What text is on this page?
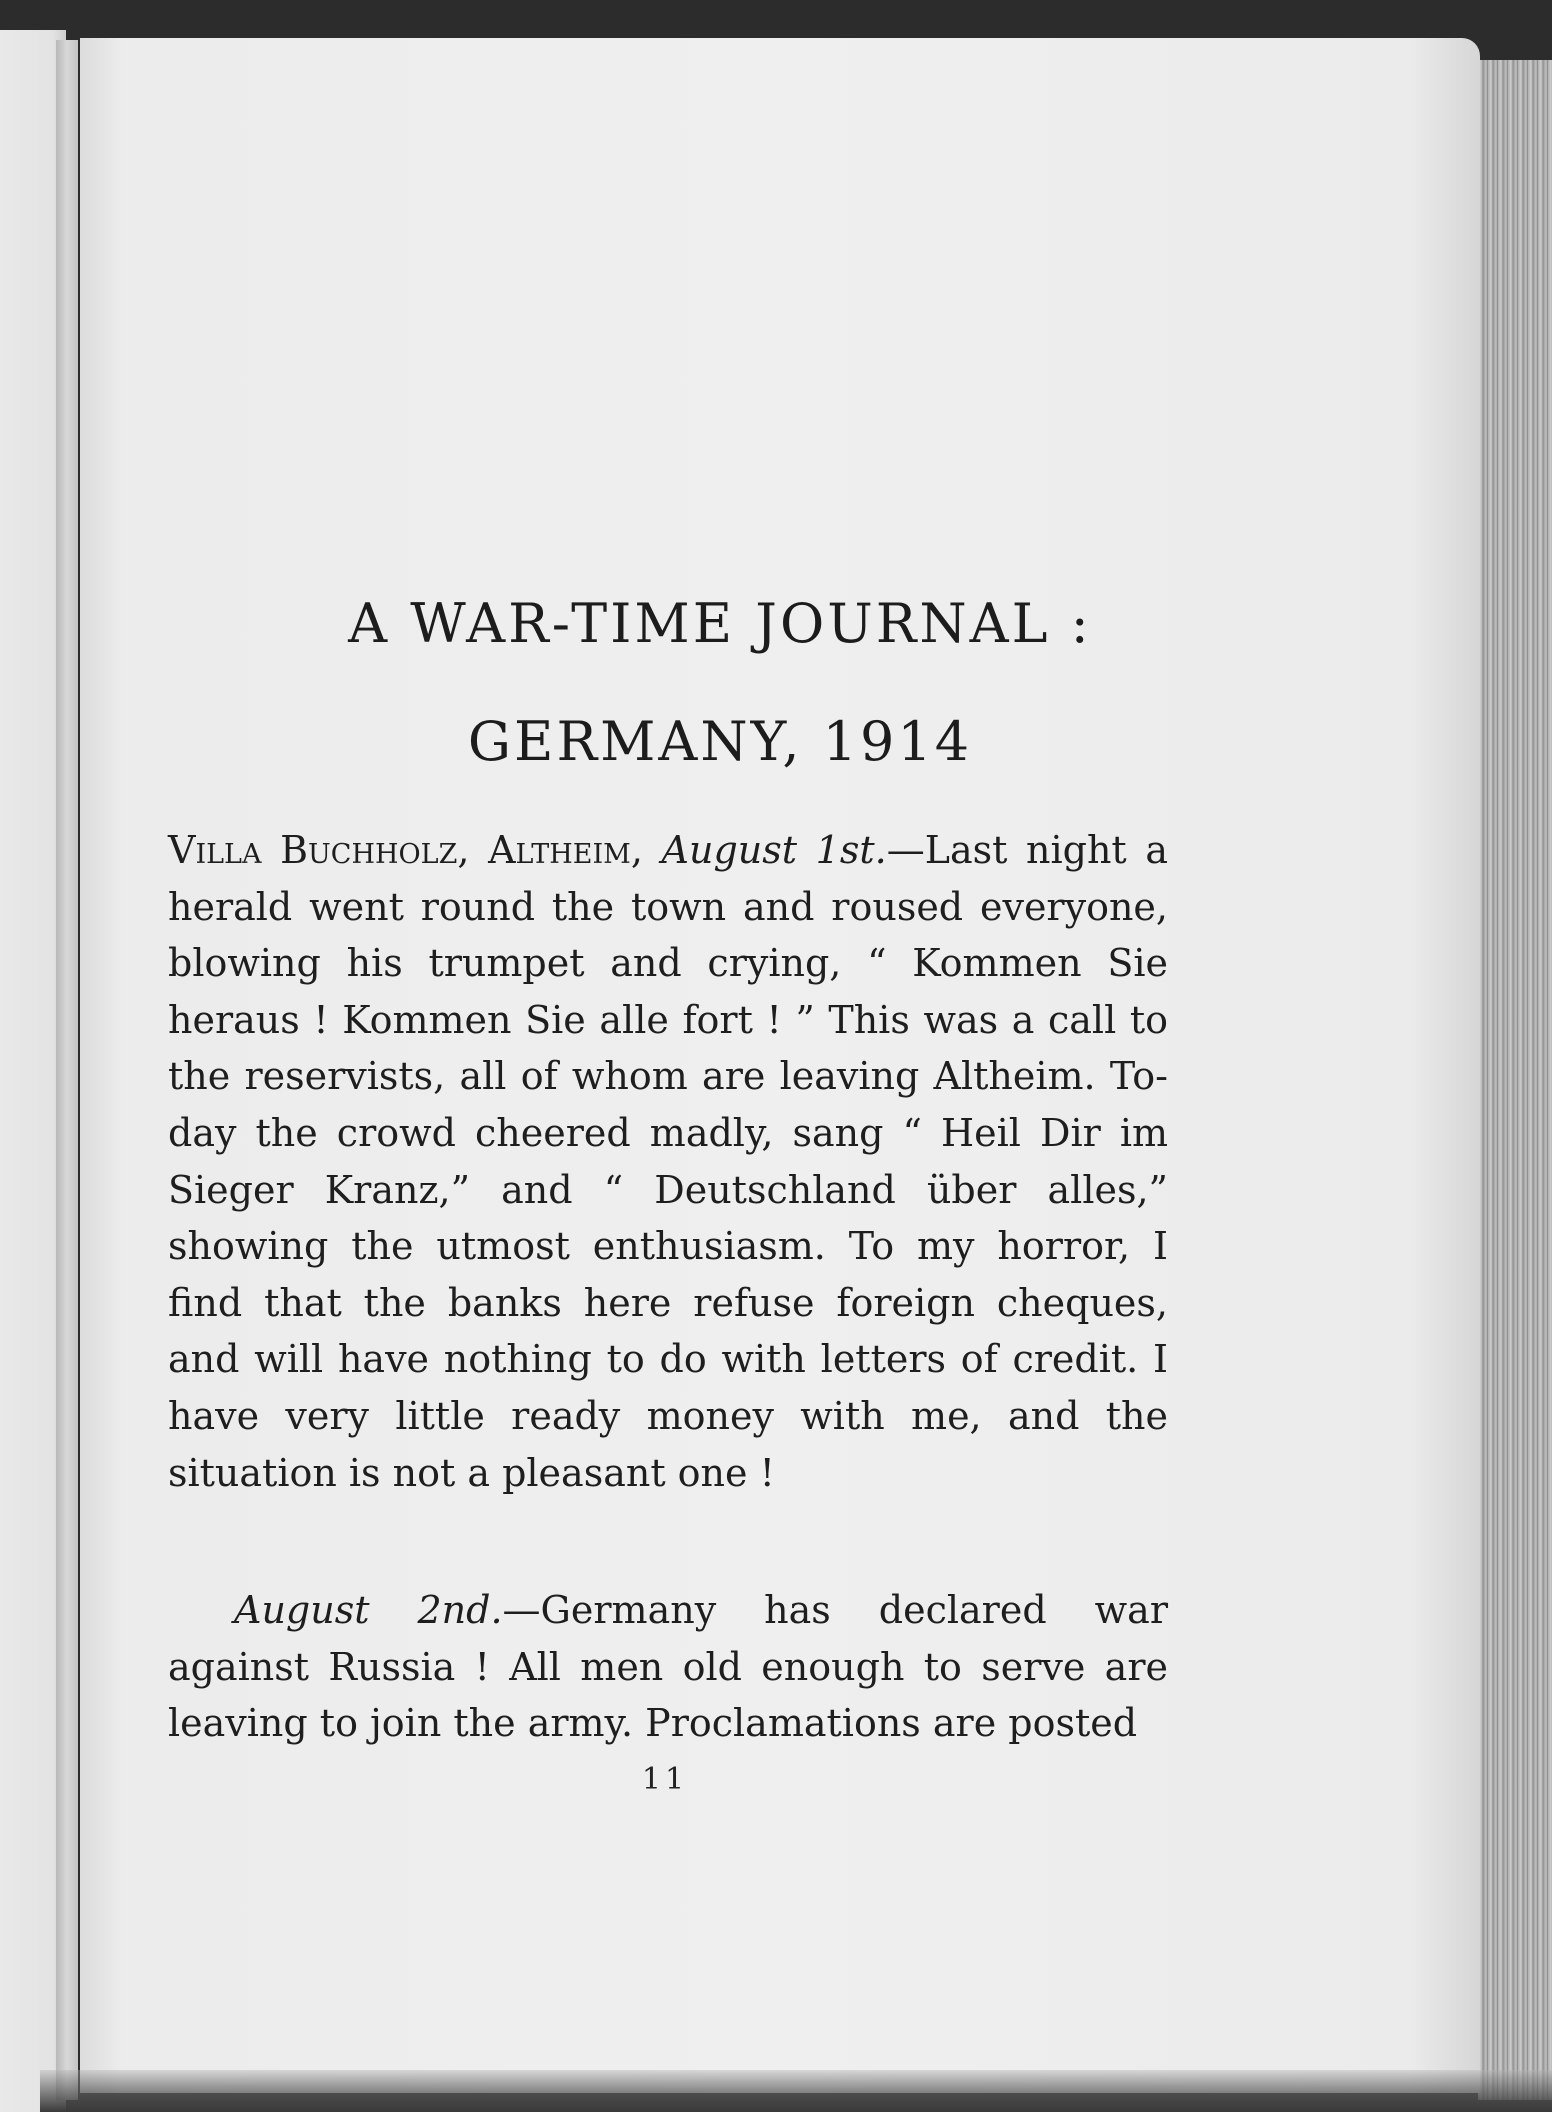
A WAR-TIME JOURNAL :
GERMANY, 1914

Villa Buchholz, Altheim, August 1st.—Last night a herald went round the town and roused everyone, blowing his trumpet and crying, “ Kommen Sie heraus ! Kommen Sie alle fort ! ” This was a call to the reservists, all of whom are leaving Altheim. To-day the crowd cheered madly, sang “ Heil Dir im Sieger Kranz,” and “ Deutschland über alles,” showing the utmost enthusiasm. To my horror, I find that the banks here refuse foreign cheques, and will have nothing to do with letters of credit. I have very little ready money with me, and the situation is not a pleasant one !

August 2nd.—Germany has declared war against Russia ! All men old enough to serve are leaving to join the army. Proclamations are posted

11
